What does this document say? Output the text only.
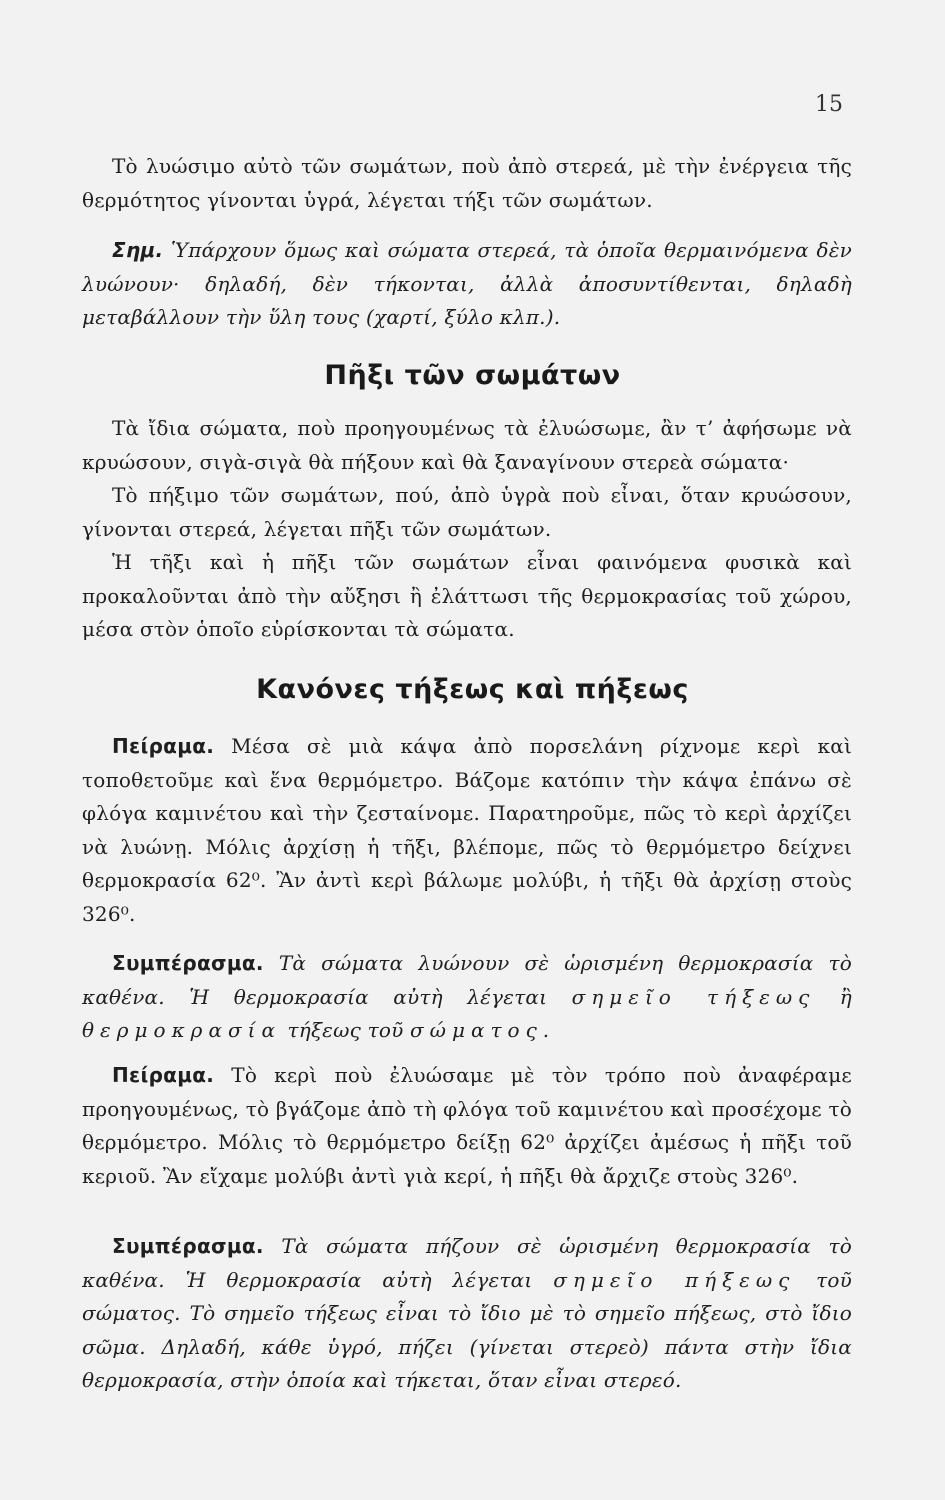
15

Τὸ λυώσιμο αὐτὸ τῶν σωμάτων, ποὺ ἀπὸ στερεά, μὲ τὴν ἐνέργεια τῆς θερμότητος γίνονται ὑγρά, λέγεται τήξι τῶν σωμάτων.

Σημ. Ὑπάρχουν ὅμως καὶ σώματα στερεά, τὰ ὁποῖα θερμαινόμενα δὲν λυώνουν· δηλαδή, δὲν τήκονται, ἀλλὰ ἀποσυντίθενται, δηλαδὴ μεταβάλλουν τὴν ὕλη τους (χαρτί, ξύλο κλπ.).

Πῆξι τῶν σωμάτων

Τὰ ἴδια σώματα, ποὺ προηγουμένως τὰ ἐλυώσωμε, ἂν τ’ ἀφήσωμε νὰ κρυώσουν, σιγὰ-σιγὰ θὰ πήξουν καὶ θὰ ξαναγίνουν στερεὰ σώματα·

Τὸ πήξιμο τῶν σωμάτων, πού, ἀπὸ ὑγρὰ ποὺ εἶναι, ὅταν κρυώσουν, γίνονται στερεά, λέγεται πῆξι τῶν σωμάτων.

Ἡ τῆξι καὶ ἡ πῆξι τῶν σωμάτων εἶναι φαινόμενα φυσικὰ καὶ προκαλοῦνται ἀπὸ τὴν αὔξησι ἢ ἐλάττωσι τῆς θερμοκρασίας τοῦ χώρου, μέσα στὸν ὁποῖο εὑρίσκονται τὰ σώματα.

Κανόνες τήξεως καὶ πήξεως

Πείραμα. Μέσα σὲ μιὰ κάψα ἀπὸ πορσελάνη ρίχνομε κερὶ καὶ τοποθετοῦμε καὶ ἕνα θερμόμετρο. Βάζομε κατόπιν τὴν κάψα ἐπάνω σὲ φλόγα καμινέτου καὶ τὴν ζεσταίνομε. Παρατηροῦμε, πῶς τὸ κερὶ ἀρχίζει νὰ λυώνῃ. Μόλις ἀρχίσῃ ἡ τῆξι, βλέπομε, πῶς τὸ θερμόμετρο δείχνει θερμοκρασία 62⁰. Ἂν ἀντὶ κερὶ βάλωμε μολύβι, ἡ τῆξι θὰ ἀρχίσῃ στοὺς 326⁰.

Συμπέρασμα. Τὰ σώματα λυώνουν σὲ ὡρισμένη θερμοκρασία τὸ καθένα. Ἡ θερμοκρασία αὐτὴ λέγεται σημεῖο τήξεως ἢ θερμοκρασία τήξεως τοῦ σώματος.

Πείραμα. Τὸ κερὶ ποὺ ἐλυώσαμε μὲ τὸν τρόπο ποὺ ἀναφέραμε προηγουμένως, τὸ βγάζομε ἀπὸ τὴ φλόγα τοῦ καμινέτου καὶ προσέχομε τὸ θερμόμετρο. Μόλις τὸ θερμόμετρο δείξῃ 62⁰ ἀρχίζει ἀμέσως ἡ πῆξι τοῦ κεριοῦ. Ἂν εἴχαμε μολύβι ἀντὶ γιὰ κερί, ἡ πῆξι θὰ ἄρχιζε στοὺς 326⁰.

Συμπέρασμα. Τὰ σώματα πήζουν σὲ ὡρισμένη θερμοκρασία τὸ καθένα. Ἡ θερμοκρασία αὐτὴ λέγεται σημεῖο πήξεως τοῦ σώματος. Τὸ σημεῖο τήξεως εἶναι τὸ ἴδιο μὲ τὸ σημεῖο πήξεως, στὸ ἴδιο σῶμα. Δηλαδή, κάθε ὑγρό, πήζει (γίνεται στερεὸ) πάντα στὴν ἴδια θερμοκρασία, στὴν ὁποία καὶ τήκεται, ὅταν εἶναι στερεό.
